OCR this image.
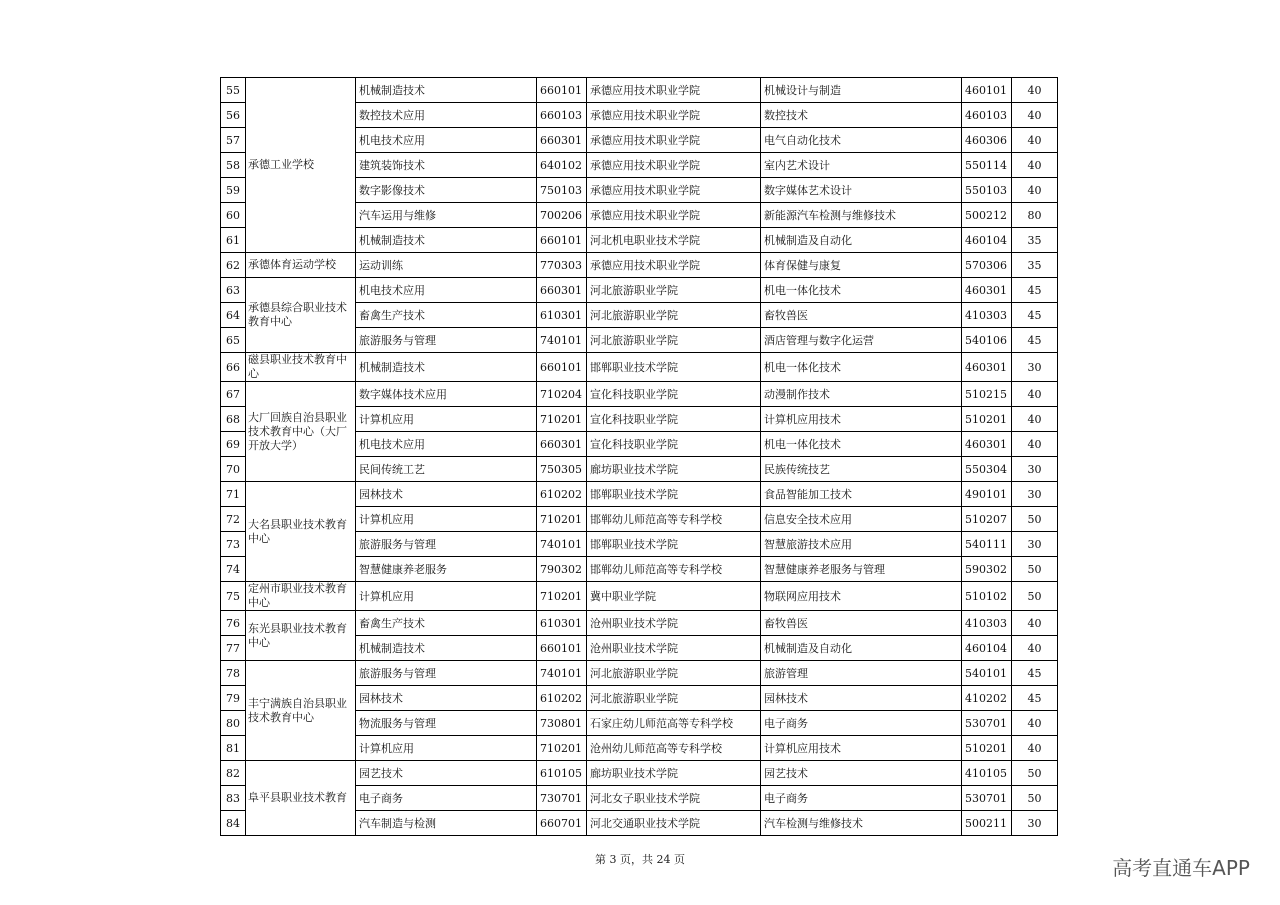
55	承德工业学校	机械制造技术	660101	承德应用技术职业学院	机械设计与制造	460101	40
56		数控技术应用	660103	承德应用技术职业学院	数控技术	460103	40
57		机电技术应用	660301	承德应用技术职业学院	电气自动化技术	460306	40
58		建筑装饰技术	640102	承德应用技术职业学院	室内艺术设计	550114	40
59		数字影像技术	750103	承德应用技术职业学院	数字媒体艺术设计	550103	40
60		汽车运用与维修	700206	承德应用技术职业学院	新能源汽车检测与维修技术	500212	80
61		机械制造技术	660101	河北机电职业技术学院	机械制造及自动化	460104	35
62	承德体育运动学校	运动训练	770303	承德应用技术职业学院	体育保健与康复	570306	35
63	承德县综合职业技术教育中心	机电技术应用	660301	河北旅游职业学院	机电一体化技术	460301	45
64		畜禽生产技术	610301	河北旅游职业学院	畜牧兽医	410303	45
65		旅游服务与管理	740101	河北旅游职业学院	酒店管理与数字化运营	540106	45
66	磁县职业技术教育中心	机械制造技术	660101	邯郸职业技术学院	机电一体化技术	460301	30
67	大厂回族自治县职业技术教育中心（大厂开放大学）	数字媒体技术应用	710204	宣化科技职业学院	动漫制作技术	510215	40
68		计算机应用	710201	宣化科技职业学院	计算机应用技术	510201	40
69		机电技术应用	660301	宣化科技职业学院	机电一体化技术	460301	40
70		民间传统工艺	750305	廊坊职业技术学院	民族传统技艺	550304	30
71	大名县职业技术教育中心	园林技术	610202	邯郸职业技术学院	食品智能加工技术	490101	30
72		计算机应用	710201	邯郸幼儿师范高等专科学校	信息安全技术应用	510207	50
73		旅游服务与管理	740101	邯郸职业技术学院	智慧旅游技术应用	540111	30
74		智慧健康养老服务	790302	邯郸幼儿师范高等专科学校	智慧健康养老服务与管理	590302	50
75	定州市职业技术教育中心	计算机应用	710201	冀中职业学院	物联网应用技术	510102	50
76	东光县职业技术教育中心	畜禽生产技术	610301	沧州职业技术学院	畜牧兽医	410303	40
77		机械制造技术	660101	沧州职业技术学院	机械制造及自动化	460104	40
78	丰宁满族自治县职业技术教育中心	旅游服务与管理	740101	河北旅游职业学院	旅游管理	540101	45
79		园林技术	610202	河北旅游职业学院	园林技术	410202	45
80		物流服务与管理	730801	石家庄幼儿师范高等专科学校	电子商务	530701	40
81		计算机应用	710201	沧州幼儿师范高等专科学校	计算机应用技术	510201	40
82	阜平县职业技术教育	园艺技术	610105	廊坊职业技术学院	园艺技术	410105	50
83		电子商务	730701	河北女子职业技术学院	电子商务	530701	50
84		汽车制造与检测	660701	河北交通职业技术学院	汽车检测与维修技术	500211	30
第 3 页，共 24 页	高考直通车APP
